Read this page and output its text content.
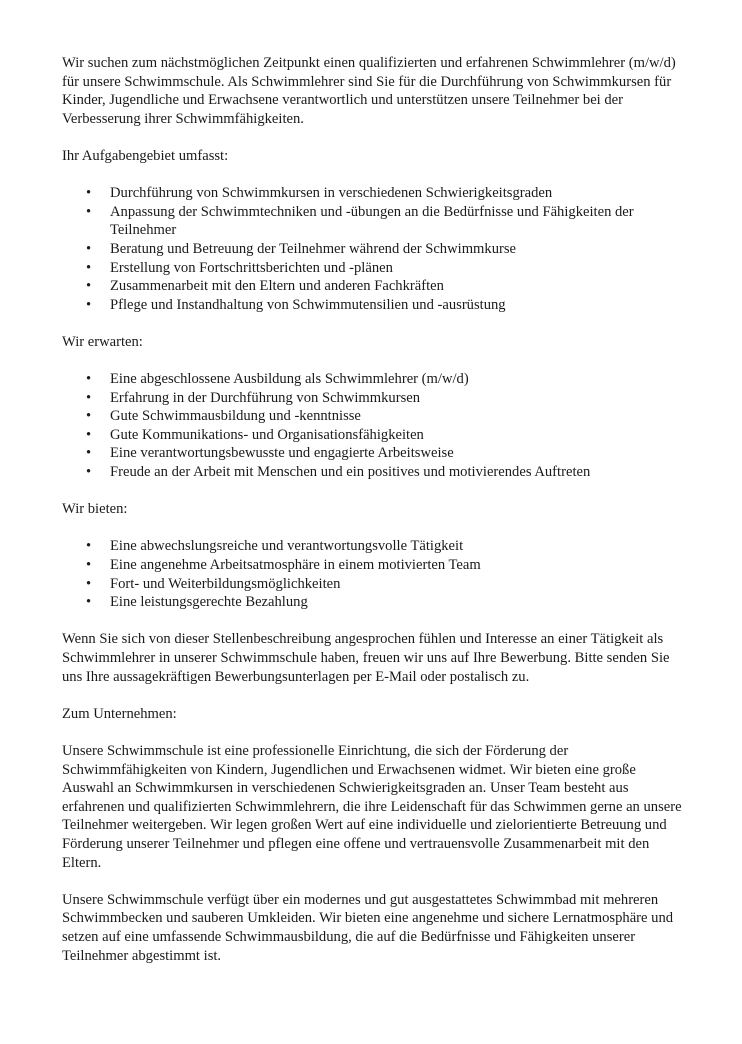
Wir suchen zum nächstmöglichen Zeitpunkt einen qualifizierten und erfahrenen Schwimmlehrer (m/w/d) für unsere Schwimmschule. Als Schwimmlehrer sind Sie für die Durchführung von Schwimmkursen für Kinder, Jugendliche und Erwachsene verantwortlich und unterstützen unsere Teilnehmer bei der Verbesserung ihrer Schwimmfähigkeiten.

Ihr Aufgabengebiet umfasst:

• Durchführung von Schwimmkursen in verschiedenen Schwierigkeitsgraden
• Anpassung der Schwimmtechniken und -übungen an die Bedürfnisse und Fähigkeiten der Teilnehmer
• Beratung und Betreuung der Teilnehmer während der Schwimmkurse
• Erstellung von Fortschrittsberichten und -plänen
• Zusammenarbeit mit den Eltern und anderen Fachkräften
• Pflege und Instandhaltung von Schwimmutensilien und -ausrüstung

Wir erwarten:

• Eine abgeschlossene Ausbildung als Schwimmlehrer (m/w/d)
• Erfahrung in der Durchführung von Schwimmkursen
• Gute Schwimmausbildung und -kenntnisse
• Gute Kommunikations- und Organisationsfähigkeiten
• Eine verantwortungsbewusste und engagierte Arbeitsweise
• Freude an der Arbeit mit Menschen und ein positives und motivierendes Auftreten

Wir bieten:

• Eine abwechslungsreiche und verantwortungsvolle Tätigkeit
• Eine angenehme Arbeitsatmosphäre in einem motivierten Team
• Fort- und Weiterbildungsmöglichkeiten
• Eine leistungsgerechte Bezahlung

Wenn Sie sich von dieser Stellenbeschreibung angesprochen fühlen und Interesse an einer Tätigkeit als Schwimmlehrer in unserer Schwimmschule haben, freuen wir uns auf Ihre Bewerbung. Bitte senden Sie uns Ihre aussagekräftigen Bewerbungsunterlagen per E-Mail oder postalisch zu.

Zum Unternehmen:

Unsere Schwimmschule ist eine professionelle Einrichtung, die sich der Förderung der Schwimmfähigkeiten von Kindern, Jugendlichen und Erwachsenen widmet. Wir bieten eine große Auswahl an Schwimmkursen in verschiedenen Schwierigkeitsgraden an. Unser Team besteht aus erfahrenen und qualifizierten Schwimmlehrern, die ihre Leidenschaft für das Schwimmen gerne an unsere Teilnehmer weitergeben. Wir legen großen Wert auf eine individuelle und zielorientierte Betreuung und Förderung unserer Teilnehmer und pflegen eine offene und vertrauensvolle Zusammenarbeit mit den Eltern.

Unsere Schwimmschule verfügt über ein modernes und gut ausgestattetes Schwimmbad mit mehreren Schwimmbecken und sauberen Umkleiden. Wir bieten eine angenehme und sichere Lernatmosphäre und setzen auf eine umfassende Schwimmausbildung, die auf die Bedürfnisse und Fähigkeiten unserer Teilnehmer abgestimmt ist.
